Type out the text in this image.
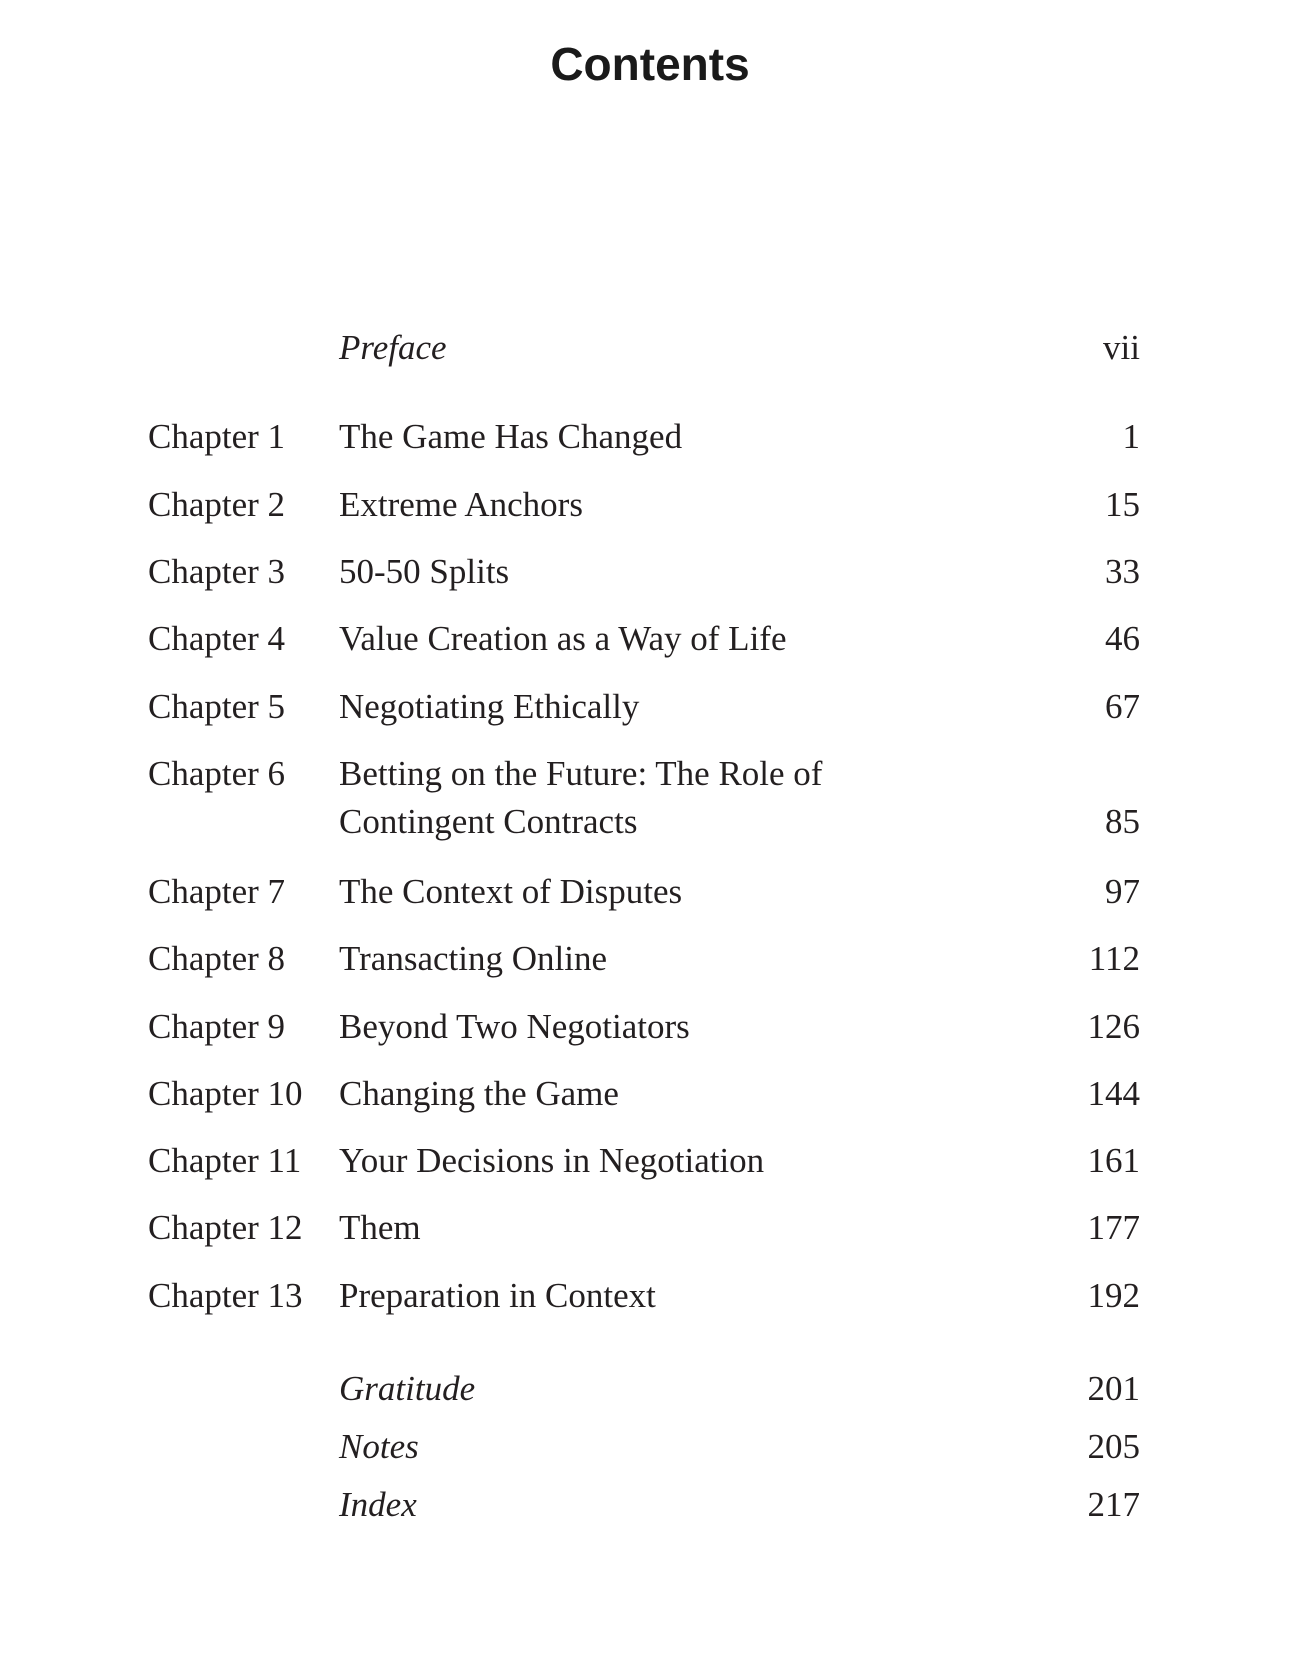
Contents
Preface	vii
Chapter 1 The Game Has Changed	1
Chapter 2 Extreme Anchors	15
Chapter 3 50-50 Splits	33
Chapter 4 Value Creation as a Way of Life	46
Chapter 5 Negotiating Ethically	67
Chapter 6 Betting on the Future: The Role of
Contingent Contracts	85
Chapter 7 The Context of Disputes	97
Chapter 8 Transacting Online	112
Chapter 9 Beyond Two Negotiators	126
Chapter 10 Changing the Game	144
Chapter 11 Your Decisions in Negotiation	161
Chapter 12 Them	177
Chapter 13 Preparation in Context	192
Gratitude	201
Notes	205
Index	217
